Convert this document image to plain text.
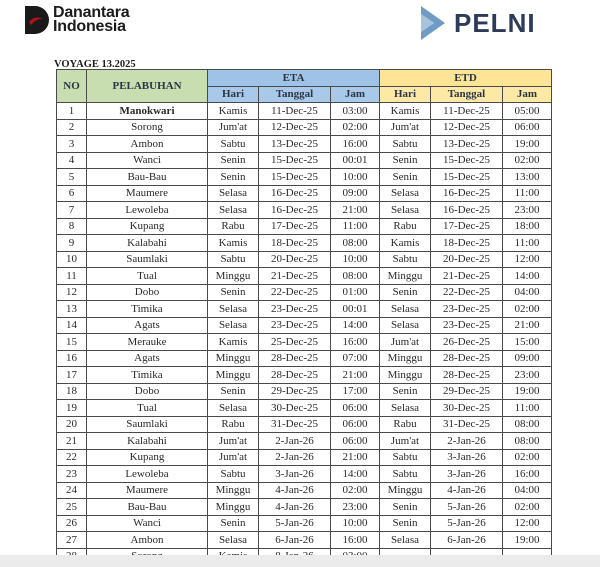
Danantara
Indonesia	PELNI
VOYAGE 13.2025
NO	PELABUHAN	ETA			ETD		
		Hari	Tanggal	Jam	Hari	Tanggal	Jam
1	Manokwari	Kamis	11-Dec-25	03:00	Kamis	11-Dec-25	05:00
2	Sorong	Jum'at	12-Dec-25	02:00	Jum'at	12-Dec-25	06:00
3	Ambon	Sabtu	13-Dec-25	16:00	Sabtu	13-Dec-25	19:00
4	Wanci	Senin	15-Dec-25	00:01	Senin	15-Dec-25	02:00
5	Bau-Bau	Senin	15-Dec-25	10:00	Senin	15-Dec-25	13:00
6	Maumere	Selasa	16-Dec-25	09:00	Selasa	16-Dec-25	11:00
7	Lewoleba	Selasa	16-Dec-25	21:00	Selasa	16-Dec-25	23:00
8	Kupang	Rabu	17-Dec-25	11:00	Rabu	17-Dec-25	18:00
9	Kalabahi	Kamis	18-Dec-25	08:00	Kamis	18-Dec-25	11:00
10	Saumlaki	Sabtu	20-Dec-25	10:00	Sabtu	20-Dec-25	12:00
11	Tual	Minggu	21-Dec-25	08:00	Minggu	21-Dec-25	14:00
12	Dobo	Senin	22-Dec-25	01:00	Senin	22-Dec-25	04:00
13	Timika	Selasa	23-Dec-25	00:01	Selasa	23-Dec-25	02:00
14	Agats	Selasa	23-Dec-25	14:00	Selasa	23-Dec-25	21:00
15	Merauke	Kamis	25-Dec-25	16:00	Jum'at	26-Dec-25	15:00
16	Agats	Minggu	28-Dec-25	07:00	Minggu	28-Dec-25	09:00
17	Timika	Minggu	28-Dec-25	21:00	Minggu	28-Dec-25	23:00
18	Dobo	Senin	29-Dec-25	17:00	Senin	29-Dec-25	19:00
19	Tual	Selasa	30-Dec-25	06:00	Selasa	30-Dec-25	11:00
20	Saumlaki	Rabu	31-Dec-25	06:00	Rabu	31-Dec-25	08:00
21	Kalabahi	Jum'at	2-Jan-26	06:00	Jum'at	2-Jan-26	08:00
22	Kupang	Jum'at	2-Jan-26	21:00	Sabtu	3-Jan-26	02:00
23	Lewoleba	Sabtu	3-Jan-26	14:00	Sabtu	3-Jan-26	16:00
24	Maumere	Minggu	4-Jan-26	02:00	Minggu	4-Jan-26	04:00
25	Bau-Bau	Minggu	4-Jan-26	23:00	Senin	5-Jan-26	02:00
26	Wanci	Senin	5-Jan-26	10:00	Senin	5-Jan-26	12:00
27	Ambon	Selasa	6-Jan-26	16:00	Selasa	6-Jan-26	19:00
